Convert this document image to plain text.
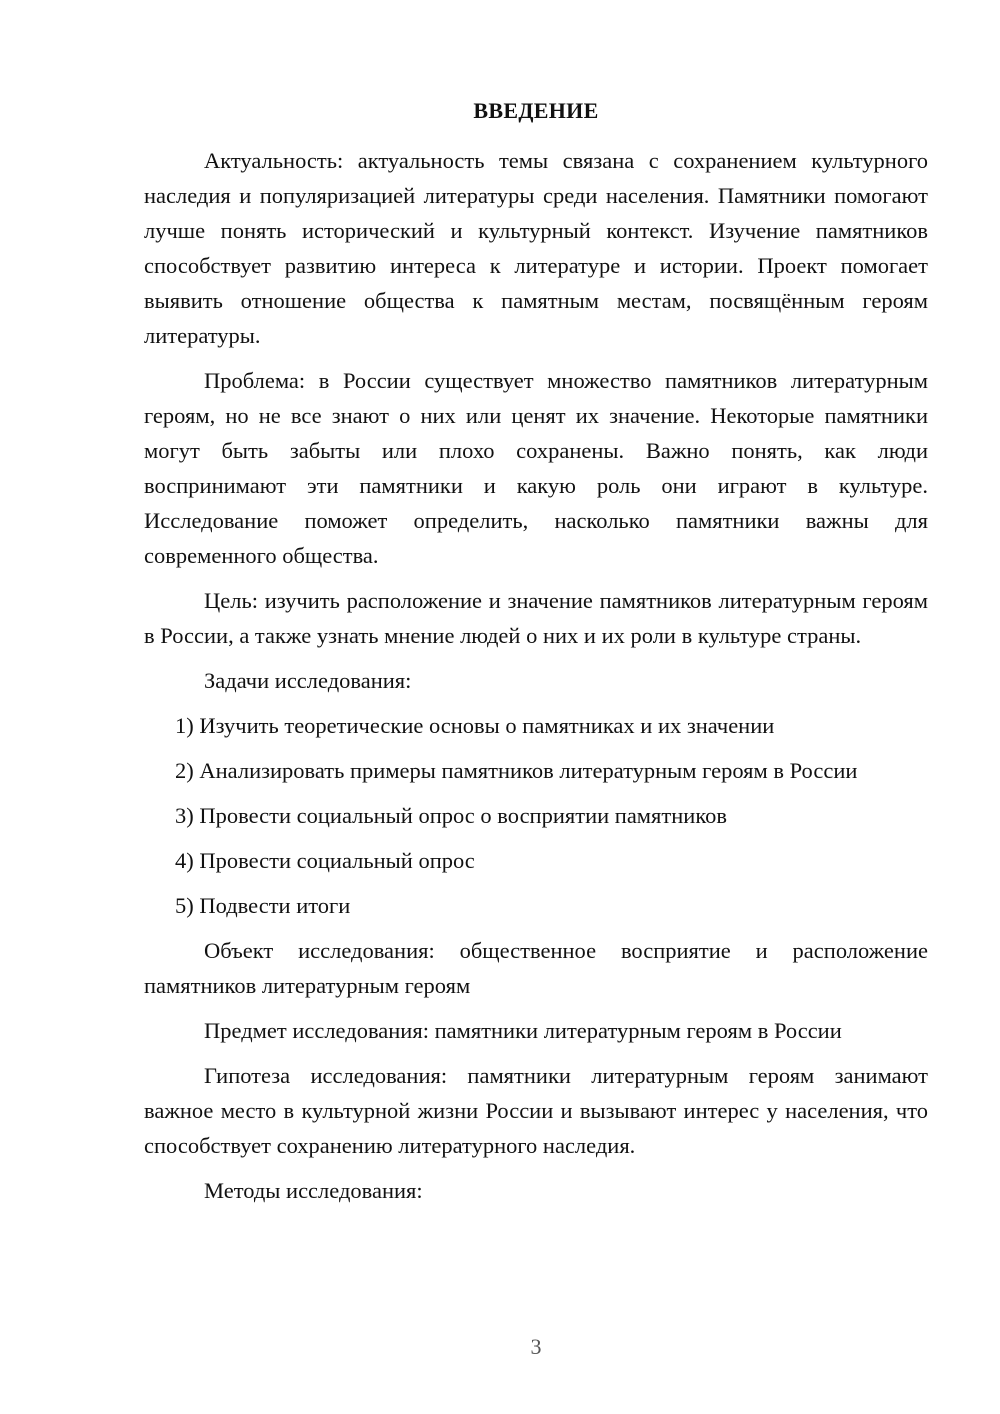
ВВЕДЕНИЕ

Актуальность: актуальность темы связана с сохранением культурного наследия и популяризацией литературы среди населения. Памятники помогают лучше понять исторический и культурный контекст. Изучение памятников способствует развитию интереса к литературе и истории. Проект помогает выявить отношение общества к памятным местам, посвящённым героям литературы.

Проблема: в России существует множество памятников литературным героям, но не все знают о них или ценят их значение. Некоторые памятники могут быть забыты или плохо сохранены. Важно понять, как люди воспринимают эти памятники и какую роль они играют в культуре. Исследование поможет определить, насколько памятники важны для современного общества.

Цель: изучить расположение и значение памятников литературным героям в России, а также узнать мнение людей о них и их роли в культуре страны.

Задачи исследования:

1) Изучить теоретические основы о памятниках и их значении

2) Анализировать примеры памятников литературным героям в России

3) Провести социальный опрос о восприятии памятников

4) Провести социальный опрос

5) Подвести итоги

Объект исследования: общественное восприятие и расположение памятников литературным героям

Предмет исследования: памятники литературным героям в России

Гипотеза исследования: памятники литературным героям занимают важное место в культурной жизни России и вызывают интерес у населения, что способствует сохранению литературного наследия.

Методы исследования:

3
